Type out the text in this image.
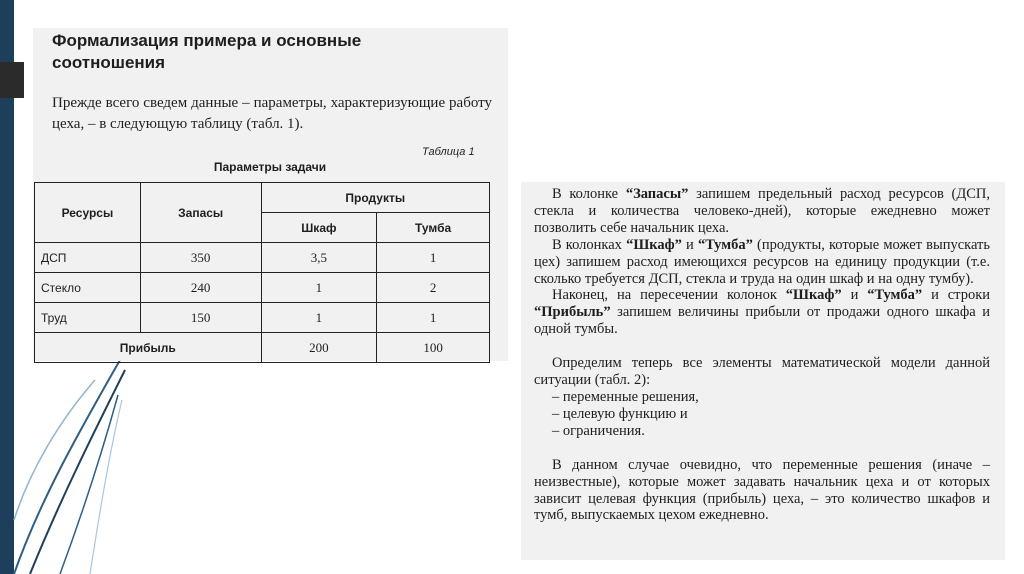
Формализация примера и основные соотношения
Прежде всего сведем данные – параметры, характеризующие работу цеха, – в следующую таблицу (табл. 1).
Таблица 1
Параметры задачи
Ресурсы	Запасы	Продукты	
		Шкаф	Тумба
ДСП	350	3,5	1
Стекло	240	1	2
Труд	150	1	1
Прибыль		200	100

В колонке “Запасы” запишем предельный расход ресурсов (ДСП, стекла и количества человеко-дней), которые ежедневно может позволить себе начальник цеха.

В колонках “Шкаф” и “Тумба” (продукты, которые может выпускать цех) запишем расход имеющихся ресурсов на единицу продукции (т.е. сколько требуется ДСП, стекла и труда на один шкаф и на одну тумбу).

Наконец, на пересечении колонок “Шкаф” и “Тумба” и строки “Прибыль” запишем величины прибыли от продажи одного шкафа и одной тумбы.

Определим теперь все элементы математической модели данной ситуации (табл. 2):

– переменные решения,

– целевую функцию и

– ограничения.

В данном случае очевидно, что переменные решения (иначе – неизвестные), которые может задавать начальник цеха и от которых зависит целевая функция (прибыль) цеха, – это количество шкафов и тумб, выпускаемых цехом ежедневно.
